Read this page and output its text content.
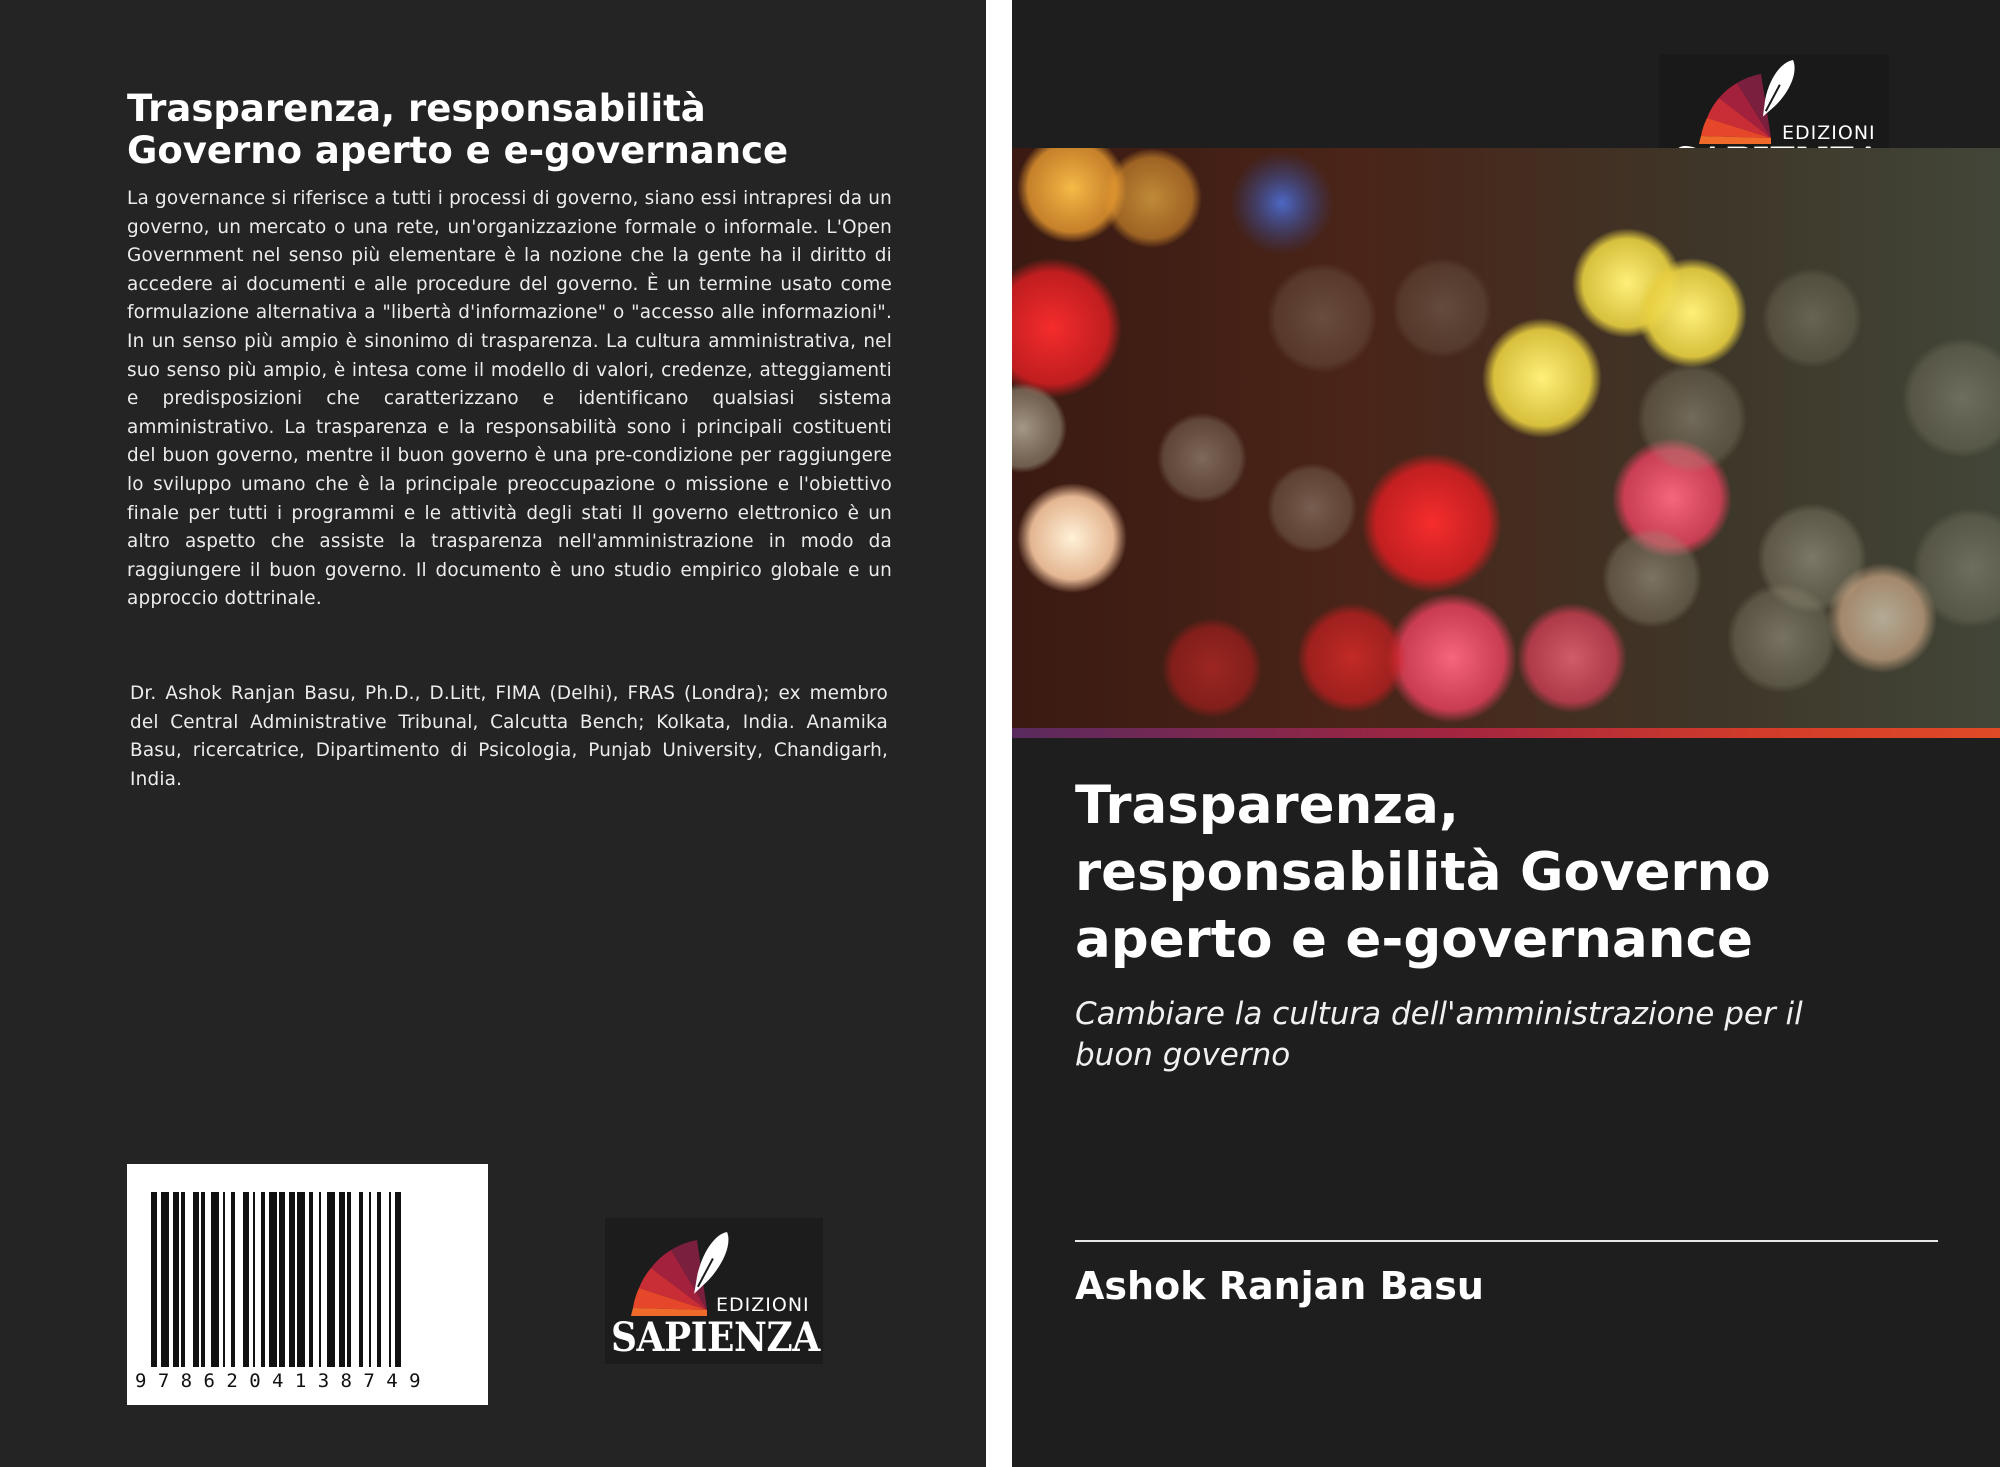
Trasparenza, responsabilità
Governo aperto e e-governance

La governance si riferisce a tutti i processi di governo, siano essi intrapresi da un governo, un mercato o una rete, un'organizzazione formale o informale. L'Open Government nel senso più elementare è la nozione che la gente ha il diritto di accedere ai documenti e alle procedure del governo. È un termine usato come formulazione alternativa a "libertà d'informazione" o "accesso alle informazioni". In un senso più ampio è sinonimo di trasparenza. La cultura amministrativa, nel suo senso più ampio, è intesa come il modello di valori, credenze, atteggiamenti e predisposizioni che caratterizzano e identificano qualsiasi sistema amministrativo. La trasparenza e la responsabilità sono i principali costituenti del buon governo, mentre il buon governo è una pre-condizione per raggiungere lo sviluppo umano che è la principale preoccupazione o missione e l'obiettivo finale per tutti i programmi e le attività degli stati Il governo elettronico è un altro aspetto che assiste la trasparenza nell'amministrazione in modo da raggiungere il buon governo. Il documento è uno studio empirico globale e un approccio dottrinale.

Dr. Ashok Ranjan Basu, Ph.D., D.Litt, FIMA (Delhi), FRAS (Londra); ex membro del Central Administrative Tribunal, Calcutta Bench; Kolkata, India. Anamika Basu, ricercatrice, Dipartimento di Psicologia, Punjab University, Chandigarh, India.

9786204138749
EDIZIONI
SAPIENZA
EDIZIONI
Trasparenza,
responsabilità Governo
aperto e e-governance

Cambiare la cultura dell'amministrazione per il
buon governo

Ashok Ranjan Basu
